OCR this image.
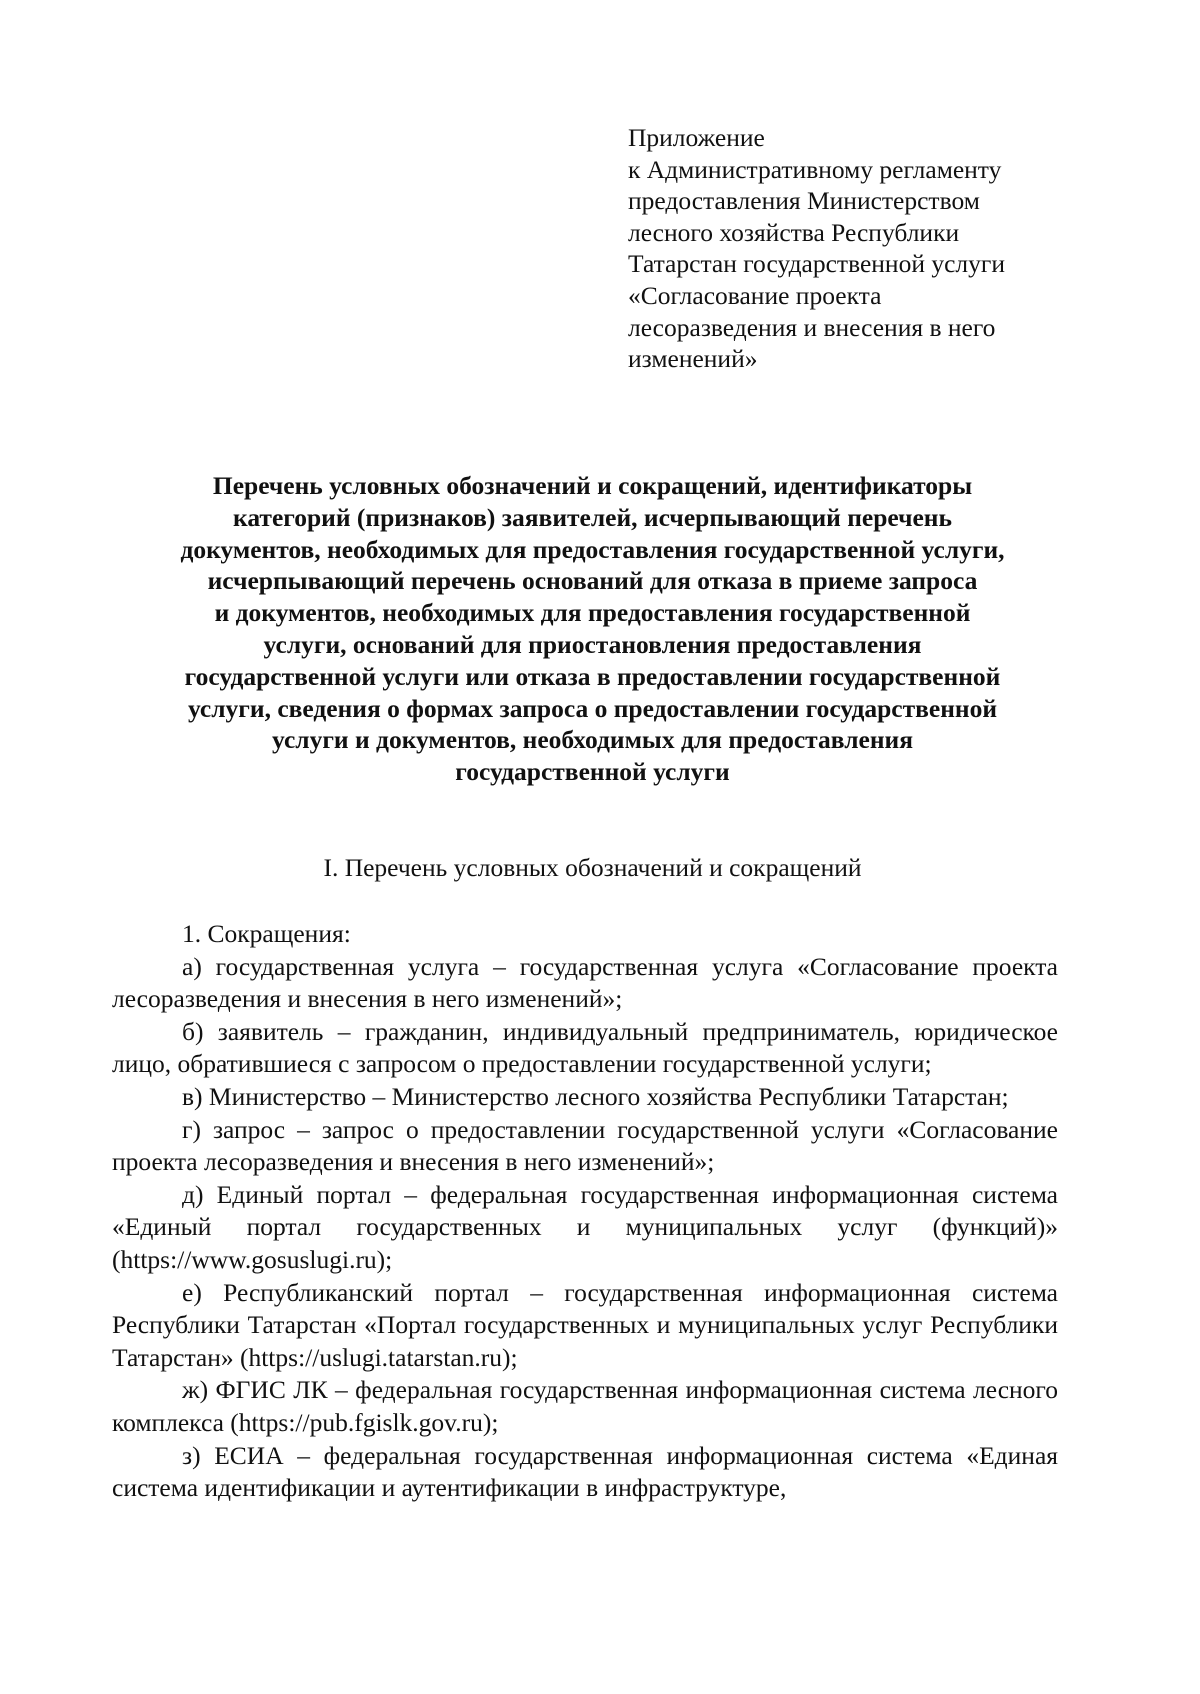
Приложение
к Административному регламенту
предоставления Министерством
лесного хозяйства Республики
Татарстан государственной услуги
«Согласование проекта
лесоразведения и внесения в него
изменений»
Перечень условных обозначений и сокращений, идентификаторы
категорий (признаков) заявителей, исчерпывающий перечень
документов, необходимых для предоставления государственной услуги,
исчерпывающий перечень оснований для отказа в приеме запроса
и документов, необходимых для предоставления государственной
услуги, оснований для приостановления предоставления
государственной услуги или отказа в предоставлении государственной
услуги, сведения о формах запроса о предоставлении государственной
услуги и документов, необходимых для предоставления
государственной услуги
I. Перечень условных обозначений и сокращений

1. Сокращения:

а) государственная услуга – государственная услуга «Согласование проекта лесоразведения и внесения в него изменений»;

б) заявитель – гражданин, индивидуальный предприниматель, юридическое лицо, обратившиеся с запросом о предоставлении государственной услуги;

в) Министерство – Министерство лесного хозяйства Республики Татарстан;

г) запрос – запрос о предоставлении государственной услуги «Согласование проекта лесоразведения и внесения в него изменений»;

д) Единый портал – федеральная государственная информационная система «Единый портал государственных и муниципальных услуг (функций)» (https://www.gosuslugi.ru);

е) Республиканский портал – государственная информационная система Республики Татарстан «Портал государственных и муниципальных услуг Республики Татарстан» (https://uslugi.tatarstan.ru);

ж) ФГИС ЛК – федеральная государственная информационная система лесного комплекса (https://pub.fgislk.gov.ru);

з) ЕСИА – федеральная государственная информационная система «Единая система идентификации и аутентификации в инфраструктуре,
